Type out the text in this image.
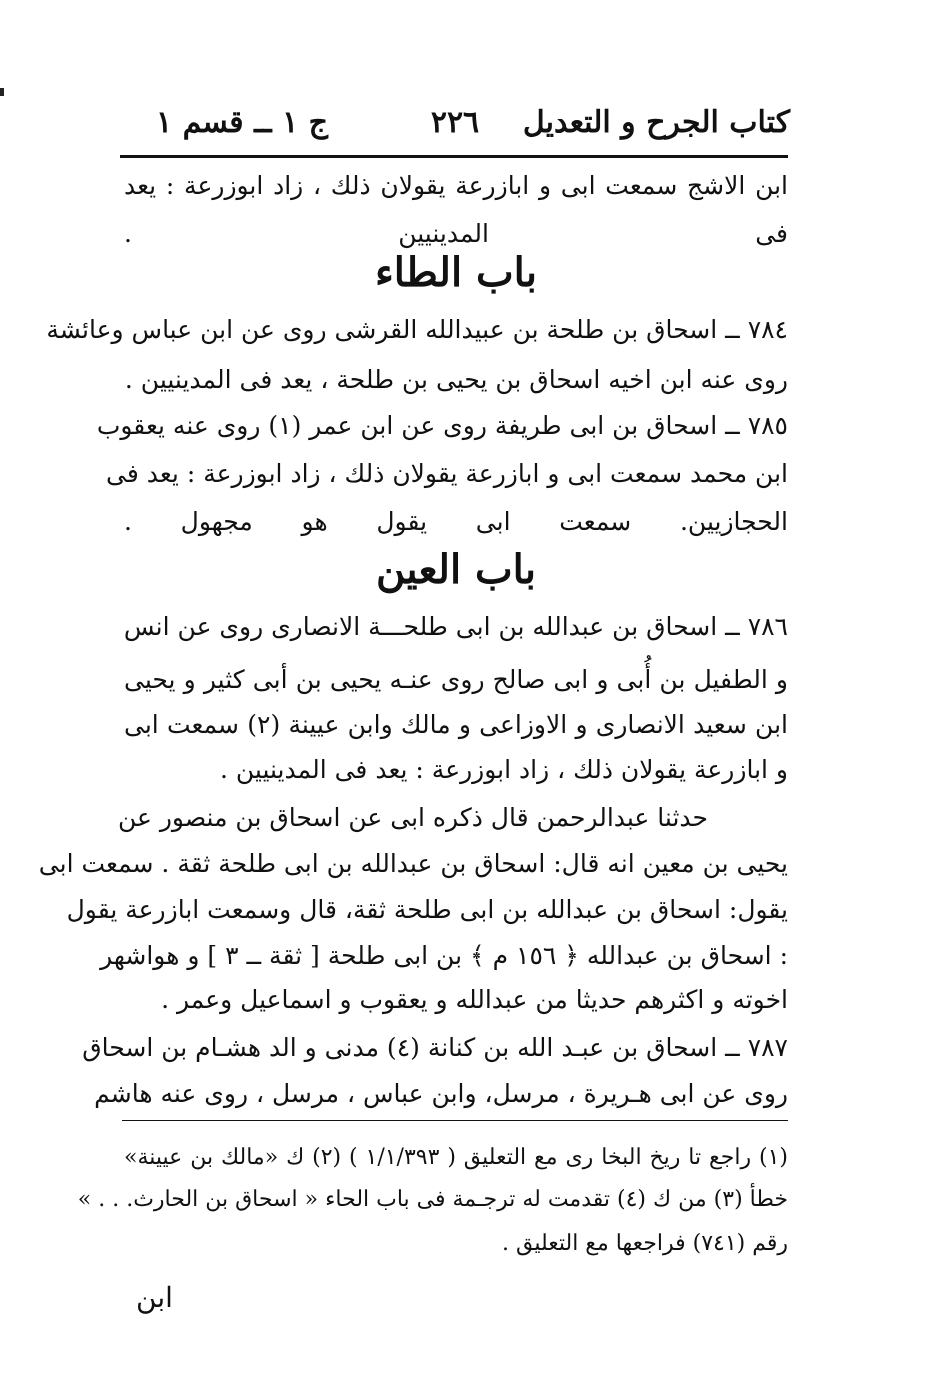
٢٢٦	كتاب الجرح و التعديل
ج ١ ــ قسم ١
ابن الاشج سمعت ابى و ابازرعة يقولان ذلك ، زاد ابوزرعة : يعد
فى المدينيين .
باب الطاء
٧٨٤ ــ اسحاق بن طلحة بن عبيدالله القرشى روى عن ابن عباس وعائشة
روى عنه ابن اخيه اسحاق بن يحيى بن طلحة ، يعد فى المدينيين .
٧٨٥ ــ اسحاق بن ابى طريفة روى عن ابن عمر (١) روى عنه يعقوب
ابن محمد سمعت ابى و ابازرعة يقولان ذلك ، زاد ابوزرعة : يعد فى
الحجازيين. سمعت ابى يقول هو مجهول .
باب العين
٧٨٦ ــ اسحاق بن عبدالله بن ابى طلحـــة الانصارى روى عن انس
و الطفيل بن أُبى و ابى صالح روى عنـه يحيى بن أبى كثير و يحيى
ابن سعيد الانصارى و الاوزاعى و مالك وابن عيينة (٢) سمعت ابى
و ابازرعة يقولان ذلك ، زاد ابوزرعة : يعد فى المدينيين .
حدثنا عبدالرحمن قال ذكره ابى عن اسحاق بن منصور عن
يحيى بن معين انه قال: اسحاق بن عبدالله بن ابى طلحة ثقة . سمعت ابى
يقول: اسحاق بن عبدالله بن ابى طلحة ثقة، قال وسمعت ابازرعة يقول
: اسحاق بن عبدالله ﴿ ١٥٦ م ﴾ بن ابى طلحة [ ثقة ــ ٣ ] و هواشهر
اخوته و اكثرهم حديثا من عبدالله و يعقوب و اسماعيل وعمر .
٧٨٧ ــ اسحاق بن عبـد الله بن كنانة (٤) مدنى و الد هشـام بن اسحاق
روى عن ابى هـريرة ، مرسل، وابن عباس ، مرسل ، روى عنه هاشم
(١) راجع تا ريخ البخا رى مع التعليق ( ١/١/٣٩٣ ) (٢) ك «مالك بن عيينة»
خطأ (٣) من ك (٤) تقدمت له ترجـمة فى باب الحاء « اسحاق بن الحارث. . . »
رقم (٧٤١) فراجعها مع التعليق .
ابن
